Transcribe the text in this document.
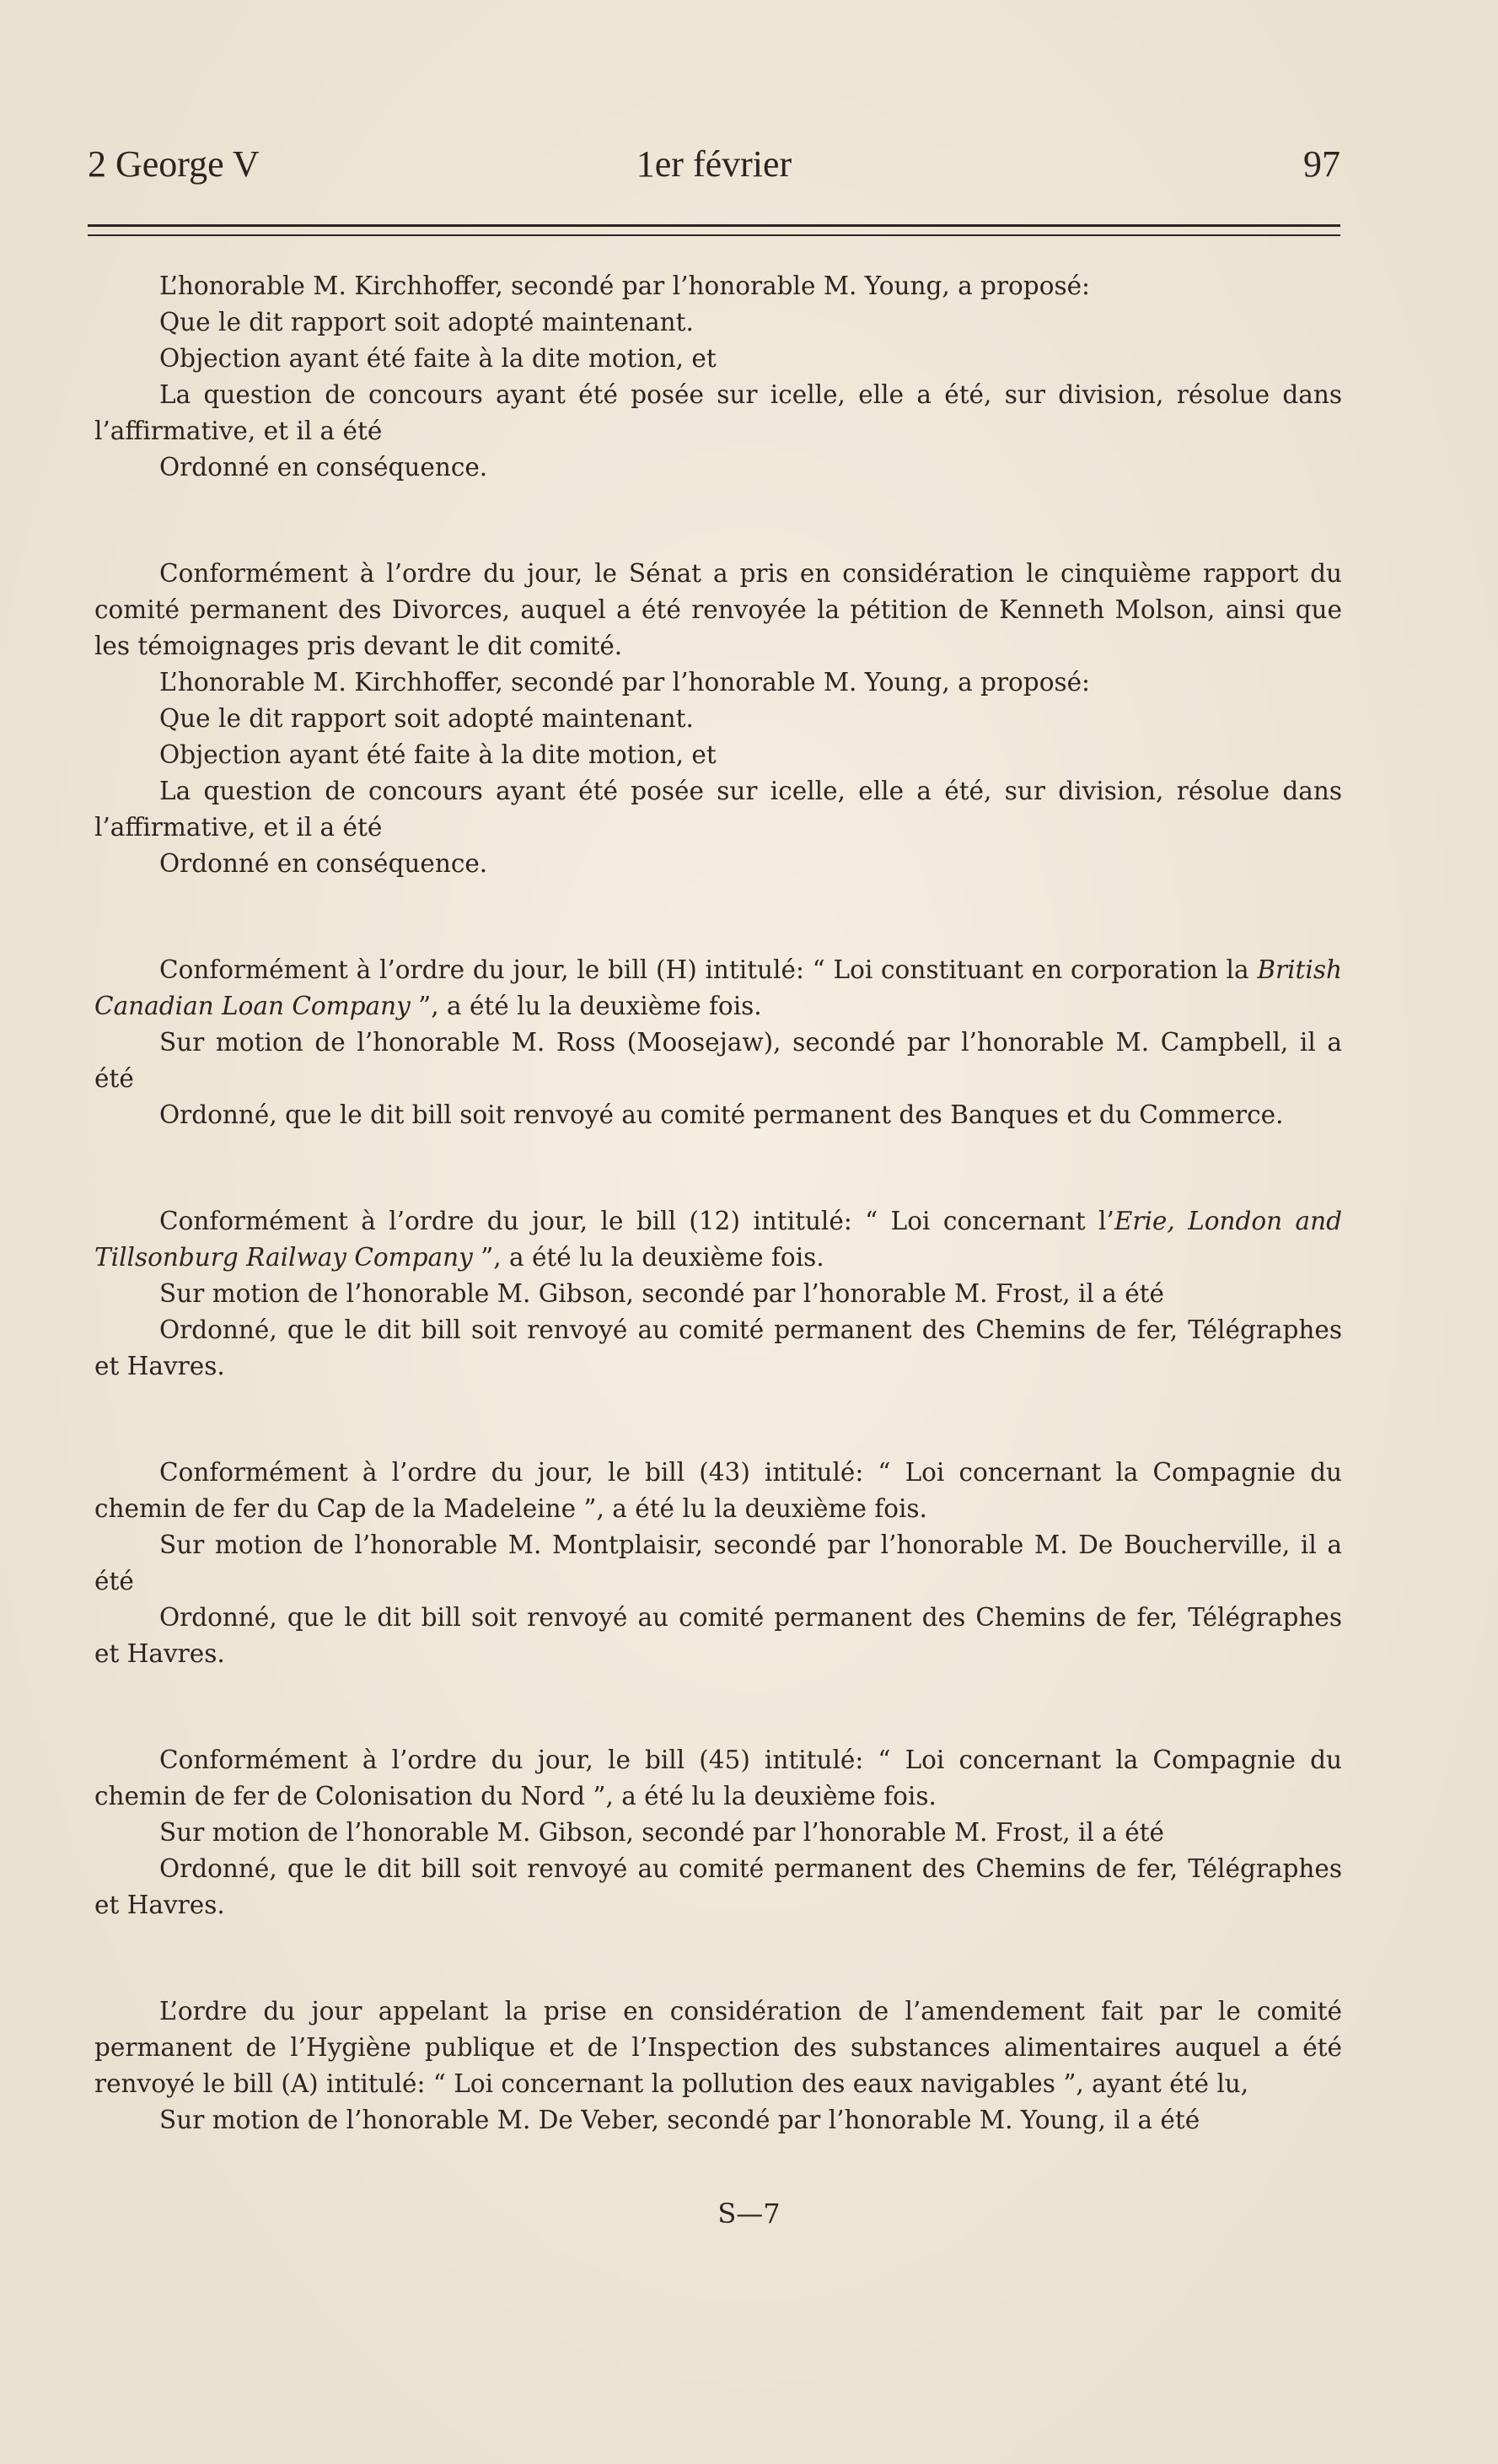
2 George V	1er février	97

L’honorable M. Kirchhoffer, secondé par l’honorable M. Young, a proposé:

Que le dit rapport soit adopté maintenant.

Objection ayant été faite à la dite motion, et

La question de concours ayant été posée sur icelle, elle a été, sur division, résolue dans l’affirmative, et il a été

Ordonné en conséquence.

Conformément à l’ordre du jour, le Sénat a pris en considération le cinquième rapport du comité permanent des Divorces, auquel a été renvoyée la pétition de Kenneth Molson, ainsi que les témoignages pris devant le dit comité.

L’honorable M. Kirchhoffer, secondé par l’honorable M. Young, a proposé:

Que le dit rapport soit adopté maintenant.

Objection ayant été faite à la dite motion, et

La question de concours ayant été posée sur icelle, elle a été, sur division, résolue dans l’affirmative, et il a été

Ordonné en conséquence.

Conformément à l’ordre du jour, le bill (H) intitulé: “ Loi constituant en corporation la British Canadian Loan Company ”, a été lu la deuxième fois.

Sur motion de l’honorable M. Ross (Moosejaw), secondé par l’honorable M. Campbell, il a été

Ordonné, que le dit bill soit renvoyé au comité permanent des Banques et du Commerce.

Conformément à l’ordre du jour, le bill (12) intitulé: “ Loi concernant l’Erie, London and Tillsonburg Railway Company ”, a été lu la deuxième fois.

Sur motion de l’honorable M. Gibson, secondé par l’honorable M. Frost, il a été

Ordonné, que le dit bill soit renvoyé au comité permanent des Chemins de fer, Télégraphes et Havres.

Conformément à l’ordre du jour, le bill (43) intitulé: “ Loi concernant la Compagnie du chemin de fer du Cap de la Madeleine ”, a été lu la deuxième fois.

Sur motion de l’honorable M. Montplaisir, secondé par l’honorable M. De Boucherville, il a été

Ordonné, que le dit bill soit renvoyé au comité permanent des Chemins de fer, Télégraphes et Havres.

Conformément à l’ordre du jour, le bill (45) intitulé: “ Loi concernant la Compagnie du chemin de fer de Colonisation du Nord ”, a été lu la deuxième fois.

Sur motion de l’honorable M. Gibson, secondé par l’honorable M. Frost, il a été

Ordonné, que le dit bill soit renvoyé au comité permanent des Chemins de fer, Télégraphes et Havres.

L’ordre du jour appelant la prise en considération de l’amendement fait par le comité permanent de l’Hygiène publique et de l’Inspection des substances alimentaires auquel a été renvoyé le bill (A) intitulé: “ Loi concernant la pollution des eaux navigables ”, ayant été lu,

Sur motion de l’honorable M. De Veber, secondé par l’honorable M. Young, il a été

S—7
